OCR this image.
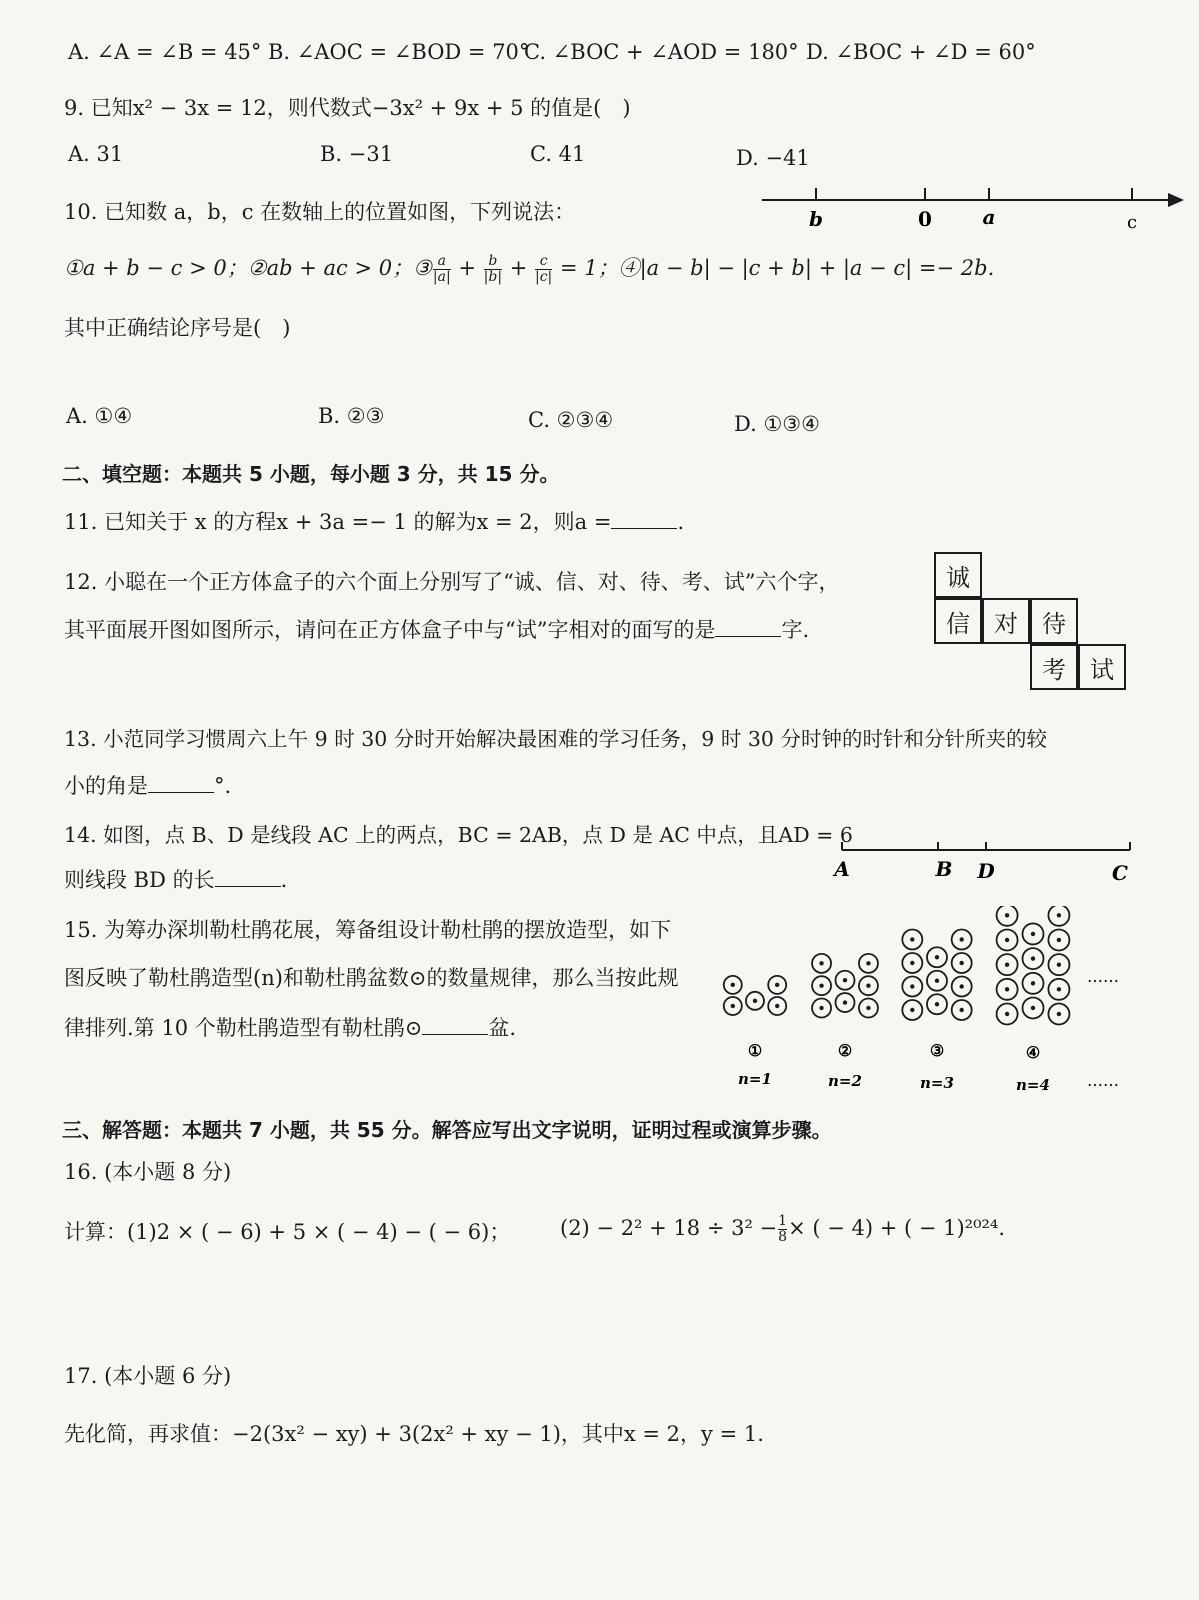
A. ∠A = ∠B = 45° B. ∠AOC = ∠BOD = 70°
C. ∠BOC + ∠AOD = 180° D. ∠BOC + ∠D = 60°
9. 已知x² − 3x = 12，则代数式−3x² + 9x + 5 的值是(　)
A. 31	B. −31	C. 41	D. −41
10. 已知数 a，b，c 在数轴上的位置如图，下列说法：	b	0	a	c
①a + b − c > 0；②ab + ac > 0；③ $\frac{a}{|a|} + \frac{b}{|b|} + \frac{c}{|c|} = 1$；④|a − b| − |c + b| + |a − c| =− 2b.
其中正确结论序号是(　)
A. ①④	B. ②③	C. ②③④	D. ①③④
二、填空题：本题共 5 小题，每小题 3 分，共 15 分。
11. 已知关于 x 的方程x + 3a =− 1 的解为x = 2，则a =	.
12. 小聪在一个正方体盒子的六个面上分别写了“诚、信、对、待、考、试”六个字，
其平面展开图如图所示，请问在正方体盒子中与“试”字相对的面写的是	字.
诚
信	对	待
考	试
13. 小范同学习惯周六上午 9 时 30 分时开始解决最困难的学习任务，9 时 30 分时钟的时针和分针所夹的较
小的角是	°.
14. 如图，点 B、D 是线段 AC 上的两点，BC = 2AB，点 D 是 AC 中点，且AD = 6
则线段 BD 的长	.	A	B D	C
15. 为筹办深圳勒杜鹃花展，筹备组设计勒杜鹃的摆放造型，如下
图反映了勒杜鹃造型(n)和勒杜鹃盆数⊙的数量规律，那么当按此规
律排列.第 10 个勒杜鹃造型有勒杜鹃⊙	盆.
①	②	③	④
n=1	n=2	n=3	n=4
……
……
三、解答题：本题共 7 小题，共 55 分。解答应写出文字说明，证明过程或演算步骤。
16. (本小题 8 分)
计算：(1)2 × ( − 6) + 5 × ( − 4) − ( − 6)； $(2) - 2^2 + 18 \div 3^2 - \frac{1}{8}$ × ( − 4) + ( − 1)²⁰²⁴.
17. (本小题 6 分)
先化简，再求值：−2(3x² − xy) + 3(2x² + xy − 1)，其中x = 2，y = 1.
